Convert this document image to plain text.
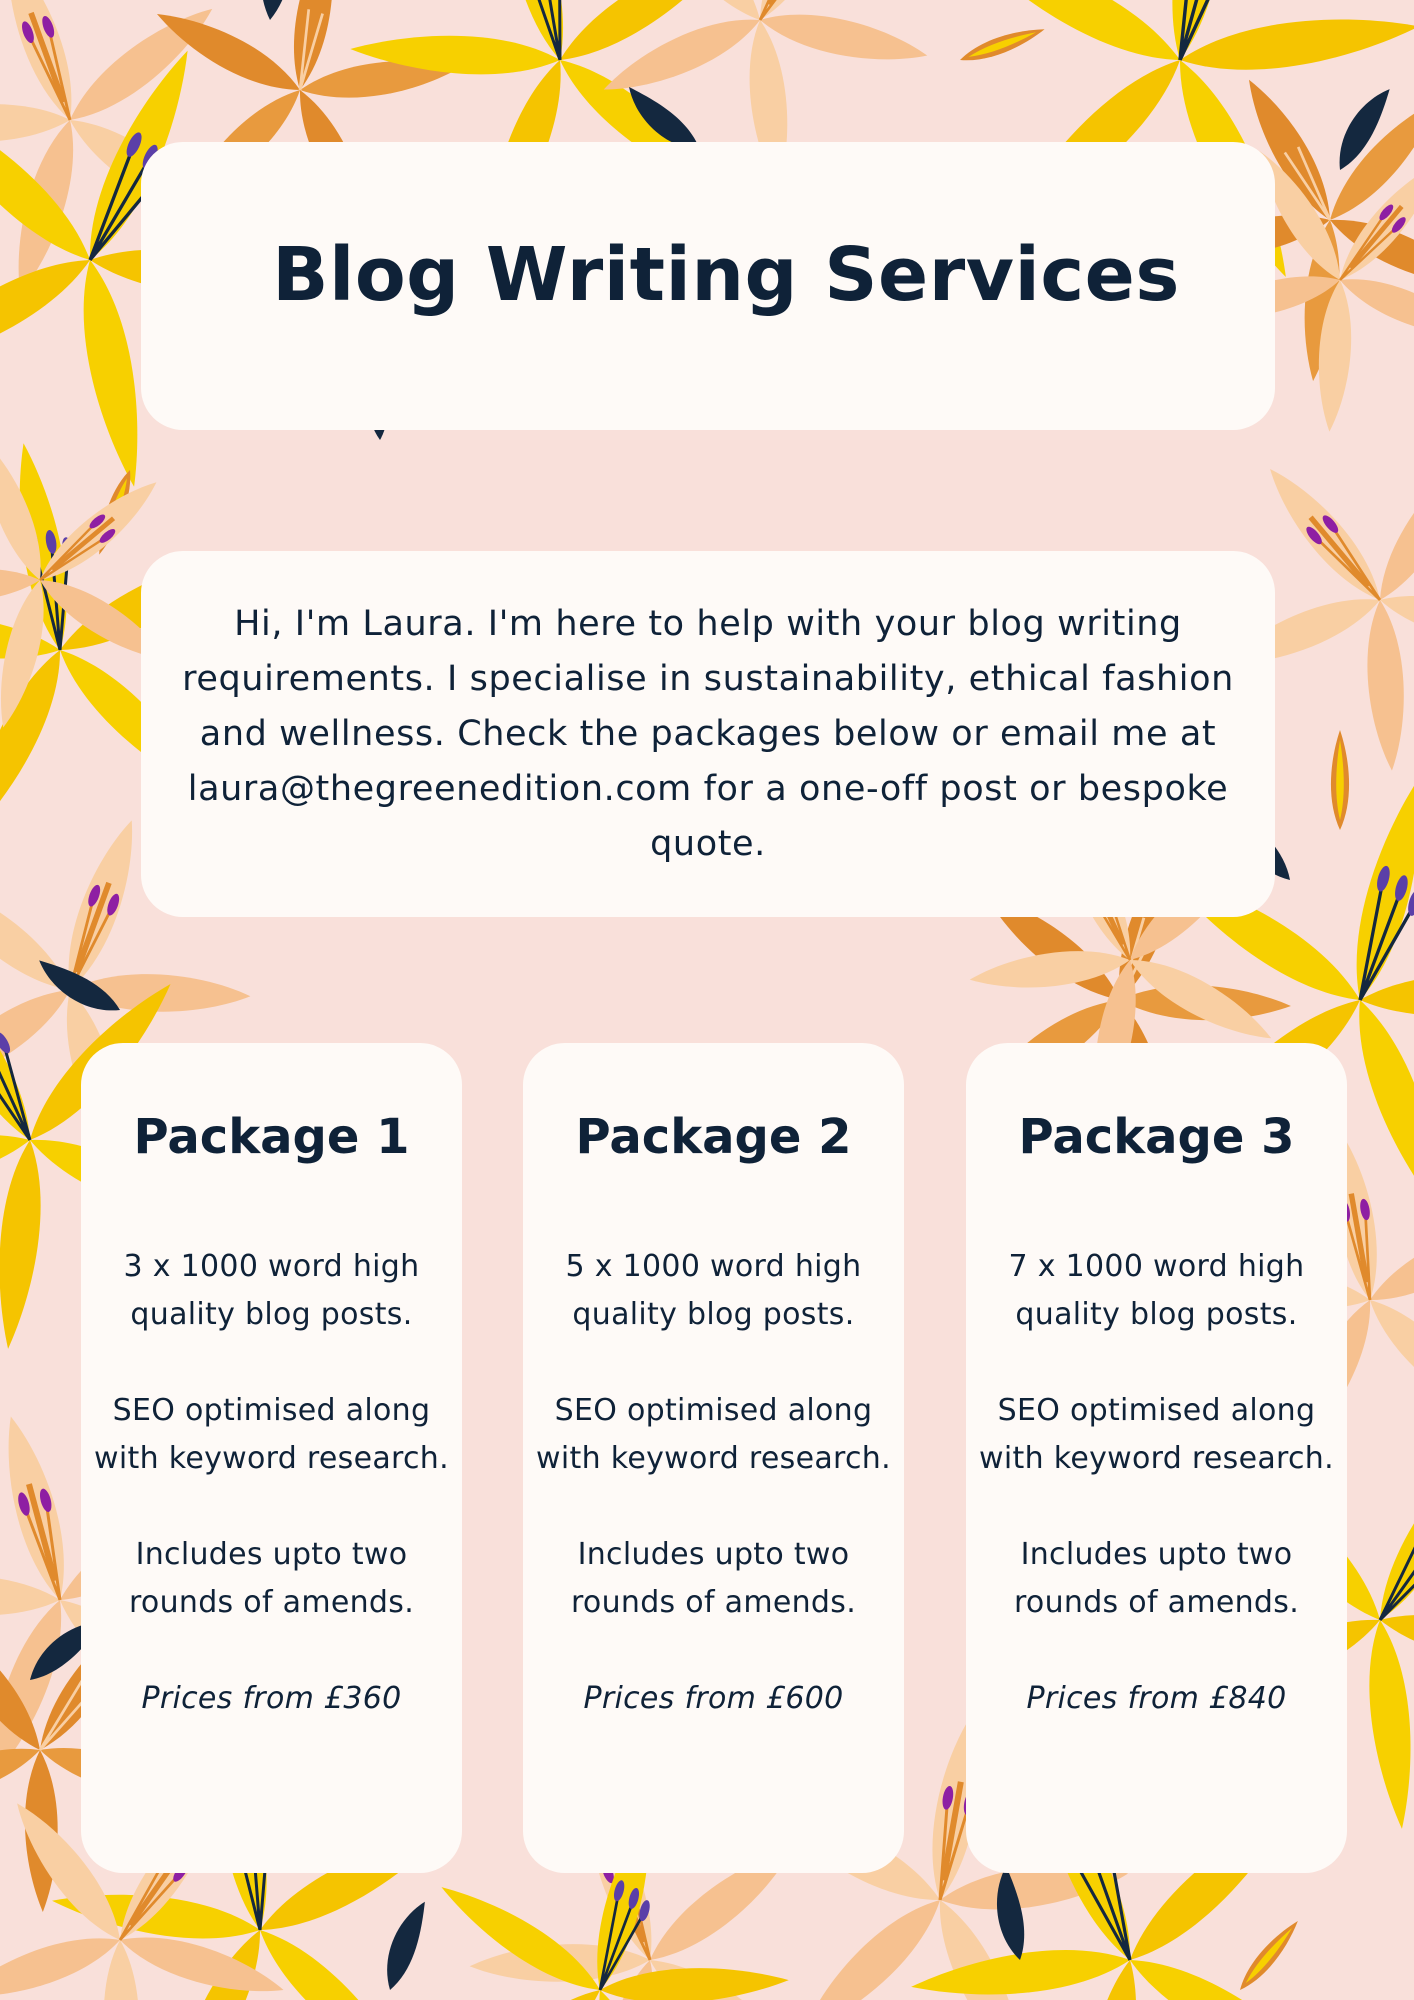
Blog Writing Services

Hi, I'm Laura. I'm here to help with your blog writing requirements. I specialise in sustainability, ethical fashion and wellness. Check the packages below or email me at laura@thegreenedition.com for a one-off post or bespoke quote.

Package 1
3 x 1000 word high
quality blog posts.
SEO optimised along
with keyword research.
Includes upto two
rounds of amends.
Prices from £360
Package 2
5 x 1000 word high
quality blog posts.
SEO optimised along
with keyword research.
Includes upto two
rounds of amends.
Prices from £600
Package 3
7 x 1000 word high
quality blog posts.
SEO optimised along
with keyword research.
Includes upto two
rounds of amends.
Prices from £840
